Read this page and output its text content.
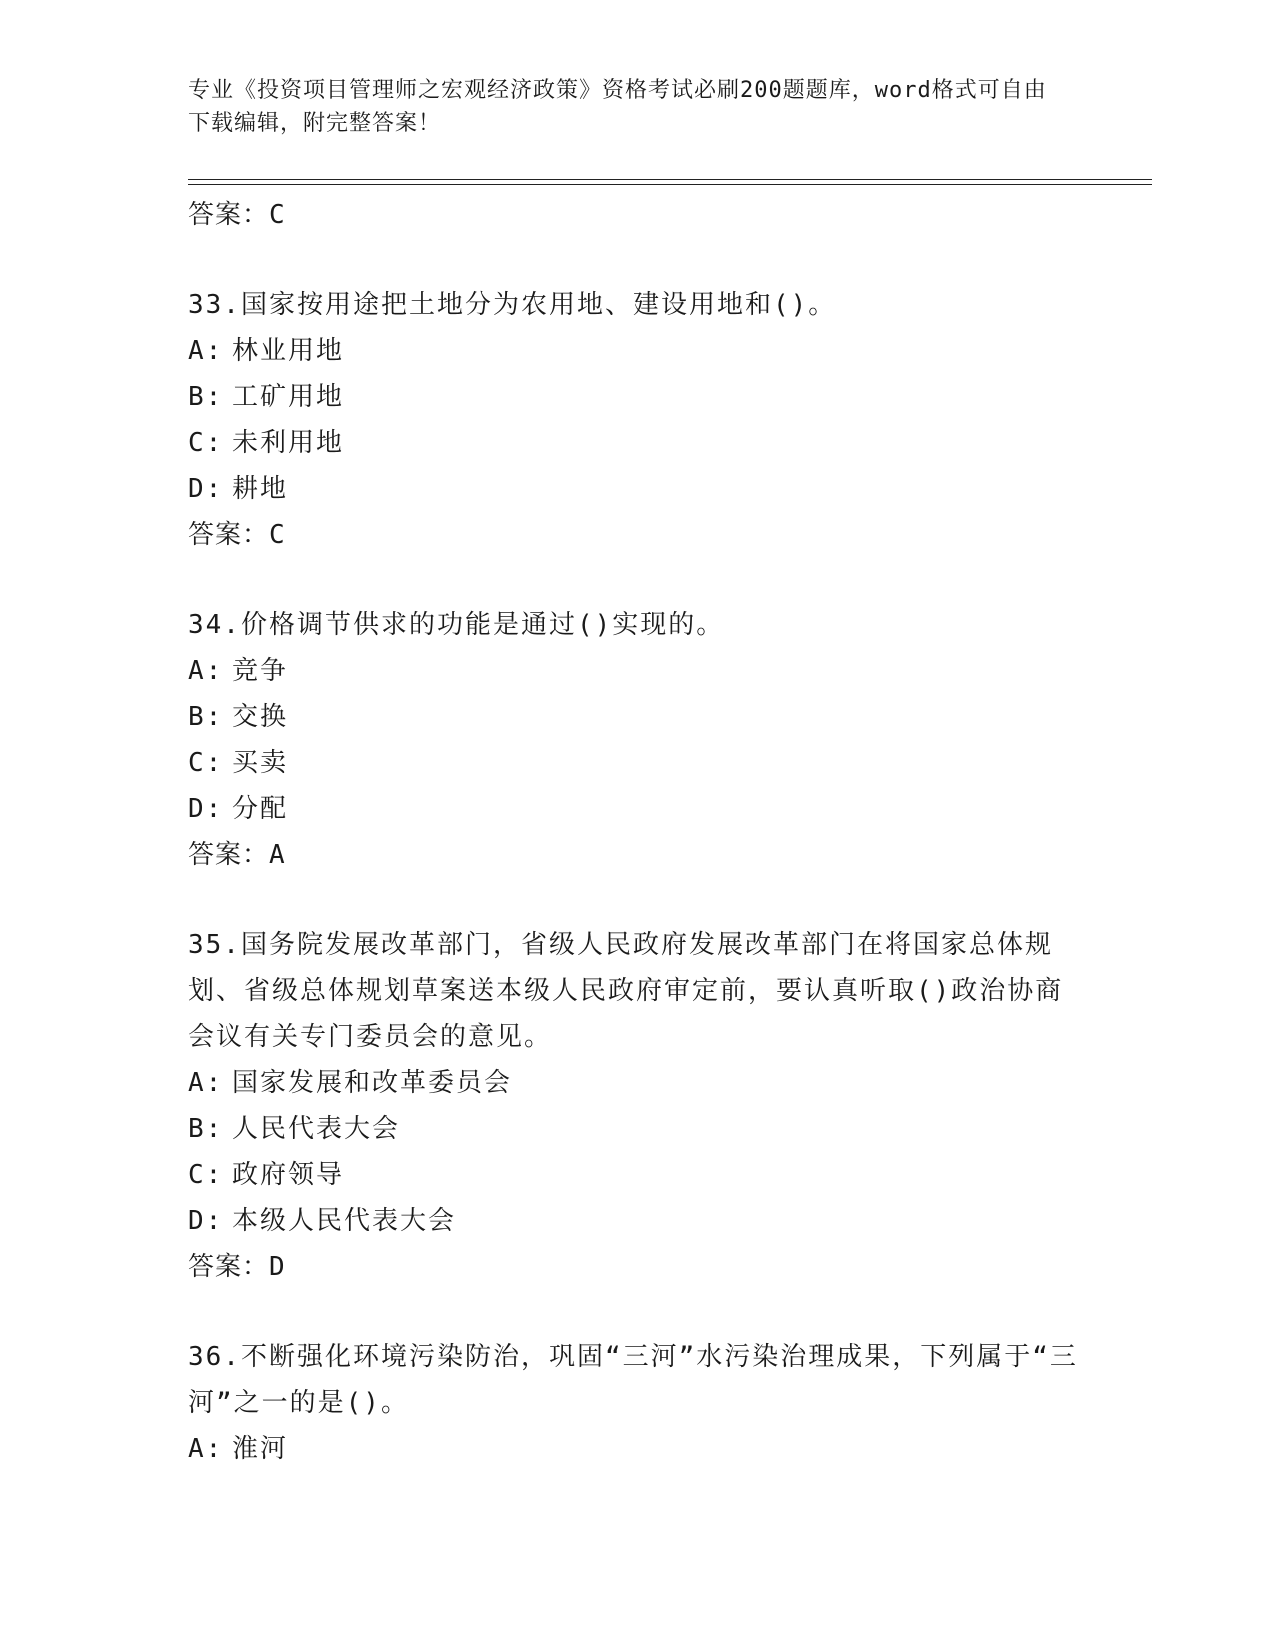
专业《投资项目管理师之宏观经济政策》资格考试必刷200题题库，word格式可自由下载编辑，附完整答案！
答案：C
33.国家按用途把土地分为农用地、建设用地和()。
A: 林业用地
B: 工矿用地
C: 未利用地
D: 耕地
答案：C
34.价格调节供求的功能是通过()实现的。
A: 竞争
B: 交换
C: 买卖
D: 分配
答案：A
35.国务院发展改革部门，省级人民政府发展改革部门在将国家总体规划、省级总体规划草案送本级人民政府审定前，要认真听取()政治协商会议有关专门委员会的意见。
A: 国家发展和改革委员会
B: 人民代表大会
C: 政府领导
D: 本级人民代表大会
答案：D
36.不断强化环境污染防治，巩固“三河”水污染治理成果，下列属于“三河”之一的是()。
A: 淮河
